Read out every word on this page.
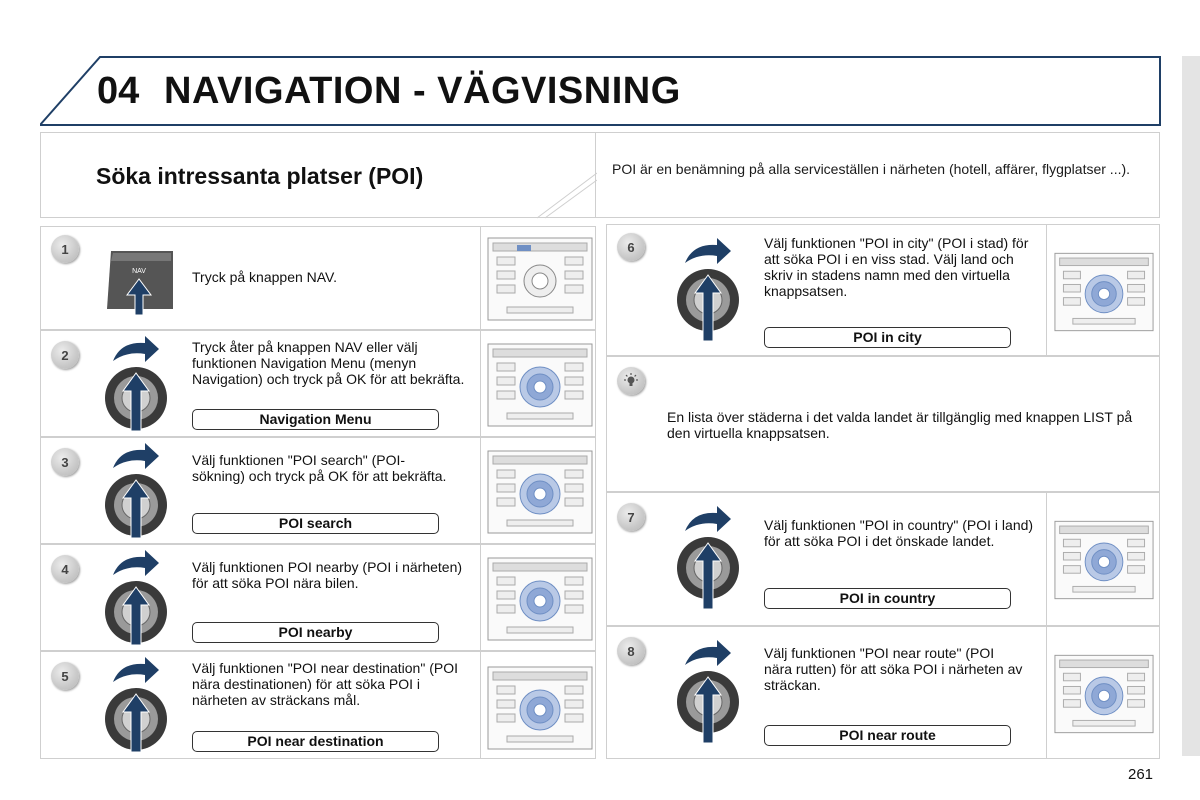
04 NAVIGATION - VÄGVISNING
Söka intressanta platser (POI)	POI är en benämning på alla serviceställen i närheten (hotell, affärer, flygplatser ...).
1
NAV	Tryck på knappen NAV.
2	Tryck åter på knappen NAV eller välj funktionen Navigation Menu (menyn Navigation) och tryck på OK för att bekräfta.
Navigation Menu
3	Välj funktionen "POI search" (POI-sökning) och tryck på OK för att bekräfta.
POI search
4	Välj funktionen POI nearby (POI i närheten) för att söka POI nära bilen.
POI nearby
5	Välj funktionen "POI near destination" (POI nära destinationen) för att söka POI i närheten av sträckans mål.
POI near destination
6	Välj funktionen "POI in city" (POI i stad) för att söka POI i en viss stad. Välj land och skriv in stadens namn med den virtuella knappsatsen.
POI in city
En lista över städerna i det valda landet är tillgänglig med knappen LIST på den virtuella knappsatsen.
7	Välj funktionen "POI in country" (POI i land) för att söka POI i det önskade landet.
POI in country
8	Välj funktionen "POI near route" (POI nära rutten) för att söka POI i närheten av sträckan.
POI near route
261
